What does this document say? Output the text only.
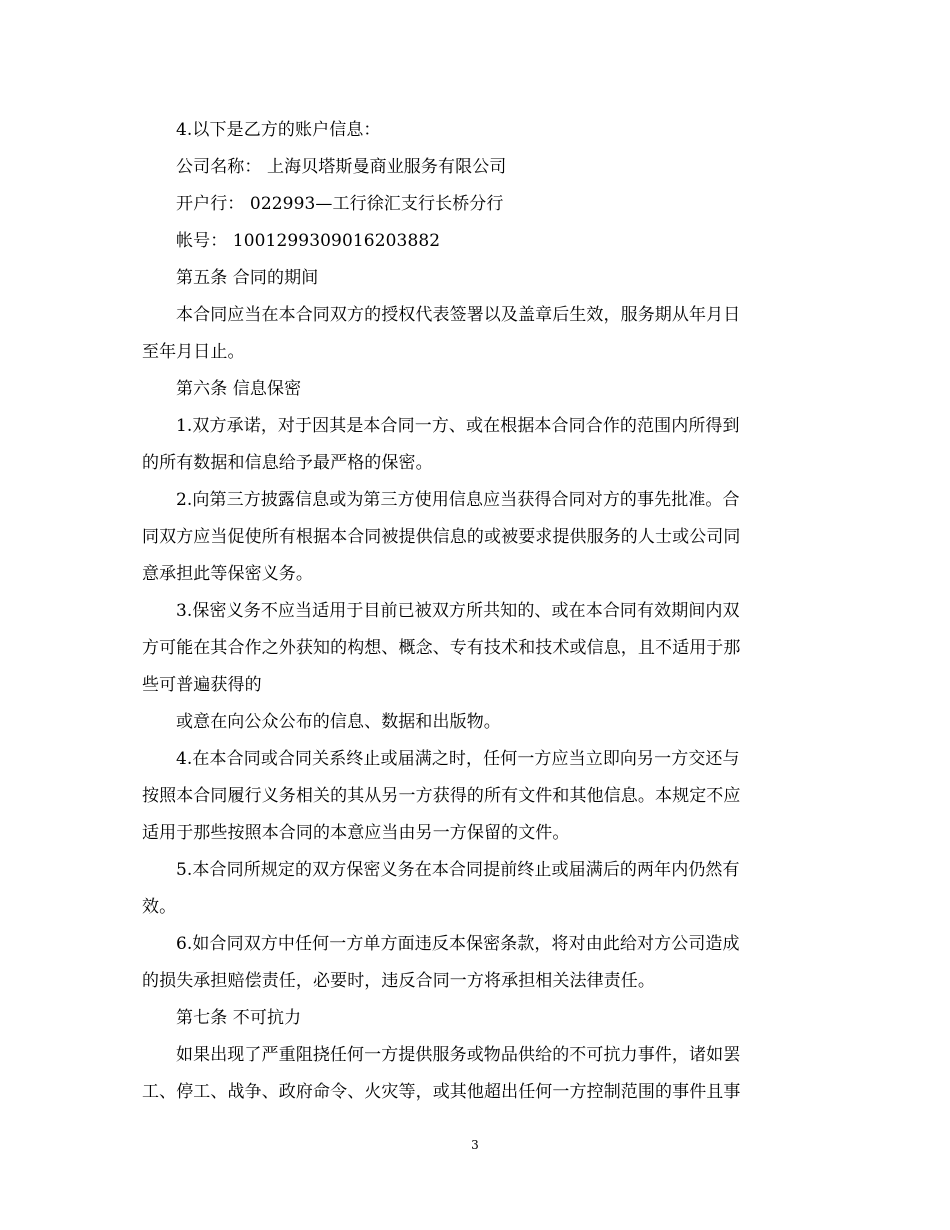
4.以下是乙方的账户信息：
公司名称： 上海贝塔斯曼商业服务有限公司
开户行： 022993—工行徐汇支行长桥分行
帐号： 1001299309016203882
第五条 合同的期间
本合同应当在本合同双方的授权代表签署以及盖章后生效，服务期从年月日
至年月日止。
第六条 信息保密
1.双方承诺，对于因其是本合同一方、或在根据本合同合作的范围内所得到
的所有数据和信息给予最严格的保密。
2.向第三方披露信息或为第三方使用信息应当获得合同对方的事先批准。合
同双方应当促使所有根据本合同被提供信息的或被要求提供服务的人士或公司同
意承担此等保密义务。
3.保密义务不应当适用于目前已被双方所共知的、或在本合同有效期间内双
方可能在其合作之外获知的构想、概念、专有技术和技术或信息，且不适用于那
些可普遍获得的
或意在向公众公布的信息、数据和出版物。
4.在本合同或合同关系终止或届满之时，任何一方应当立即向另一方交还与
按照本合同履行义务相关的其从另一方获得的所有文件和其他信息。本规定不应
适用于那些按照本合同的本意应当由另一方保留的文件。
5.本合同所规定的双方保密义务在本合同提前终止或届满后的两年内仍然有
效。
6.如合同双方中任何一方单方面违反本保密条款，将对由此给对方公司造成
的损失承担赔偿责任，必要时，违反合同一方将承担相关法律责任。
第七条 不可抗力
如果出现了严重阻挠任何一方提供服务或物品供给的不可抗力事件，诸如罢
工、停工、战争、政府命令、火灾等，或其他超出任何一方控制范围的事件且事
3
